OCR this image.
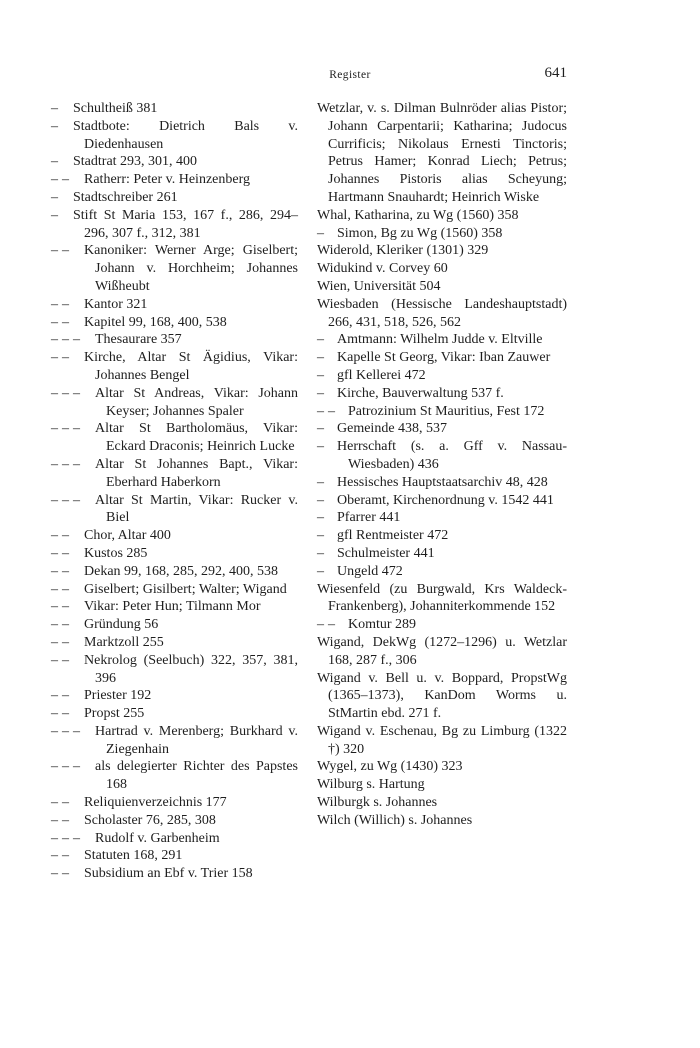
Register	641
– Schultheiß 381
– Stadtbote: Dietrich Bals v. Diedenhausen
– Stadtrat 293, 301, 400
– – Ratherr: Peter v. Heinzenberg
– Stadtschreiber 261
– Stift St Maria 153, 167 f., 286, 294–296, 307 f., 312, 381
– – Kanoniker: Werner Arge; Giselbert; Johann v. Horchheim; Johannes Wißheubt
– – Kantor 321
– – Kapitel 99, 168, 400, 538
– – – Thesaurare 357
– – Kirche, Altar St Ägidius, Vikar: Johannes Bengel
– – – Altar St Andreas, Vikar: Johann Keyser; Johannes Spaler
– – – Altar St Bartholomäus, Vikar: Eckard Draconis; Heinrich Lucke
– – – Altar St Johannes Bapt., Vikar: Eberhard Haberkorn
– – – Altar St Martin, Vikar: Rucker v. Biel
– – Chor, Altar 400
– – Kustos 285
– – Dekan 99, 168, 285, 292, 400, 538
– – Giselbert; Gisilbert; Walter; Wigand
– – Vikar: Peter Hun; Tilmann Mor
– – Gründung 56
– – Marktzoll 255
– – Nekrolog (Seelbuch) 322, 357, 381, 396
– – Priester 192
– – Propst 255
– – – Hartrad v. Merenberg; Burkhard v. Ziegenhain
– – – als delegierter Richter des Papstes 168
– – Reliquienverzeichnis 177
– – Scholaster 76, 285, 308
– – – Rudolf v. Garbenheim
– – Statuten 168, 291
– – Subsidium an Ebf v. Trier 158
Wetzlar, v. s. Dilman Bulnröder alias Pistor; Johann Carpentarii; Katharina; Judocus Currificis; Nikolaus Ernesti Tinctoris; Petrus Hamer; Konrad Liech; Petrus; Johannes Pistoris alias Scheyung; Hartmann Snauhardt; Heinrich Wiske
Whal, Katharina, zu Wg (1560) 358
– Simon, Bg zu Wg (1560) 358
Widerold, Kleriker (1301) 329
Widukind v. Corvey 60
Wien, Universität 504
Wiesbaden (Hessische Landeshauptstadt) 266, 431, 518, 526, 562
– Amtmann: Wilhelm Judde v. Eltville
– Kapelle St Georg, Vikar: Iban Zauwer
– gfl Kellerei 472
– Kirche, Bauverwaltung 537 f.
– – Patrozinium St Mauritius, Fest 172
– Gemeinde 438, 537
– Herrschaft (s. a. Gff v. Nassau-Wiesbaden) 436
– Hessisches Hauptstaatsarchiv 48, 428
– Oberamt, Kirchenordnung v. 1542 441
– Pfarrer 441
– gfl Rentmeister 472
– Schulmeister 441
– Ungeld 472
Wiesenfeld (zu Burgwald, Krs Waldeck-Frankenberg), Johanniterkommende 152
– – Komtur 289
Wigand, DekWg (1272–1296) u. Wetzlar 168, 287 f., 306
Wigand v. Bell u. v. Boppard, PropstWg (1365–1373), KanDom Worms u. StMartin ebd. 271 f.
Wigand v. Eschenau, Bg zu Limburg (1322 †) 320
Wygel, zu Wg (1430) 323
Wilburg s. Hartung
Wilburgk s. Johannes
Wilch (Willich) s. Johannes
